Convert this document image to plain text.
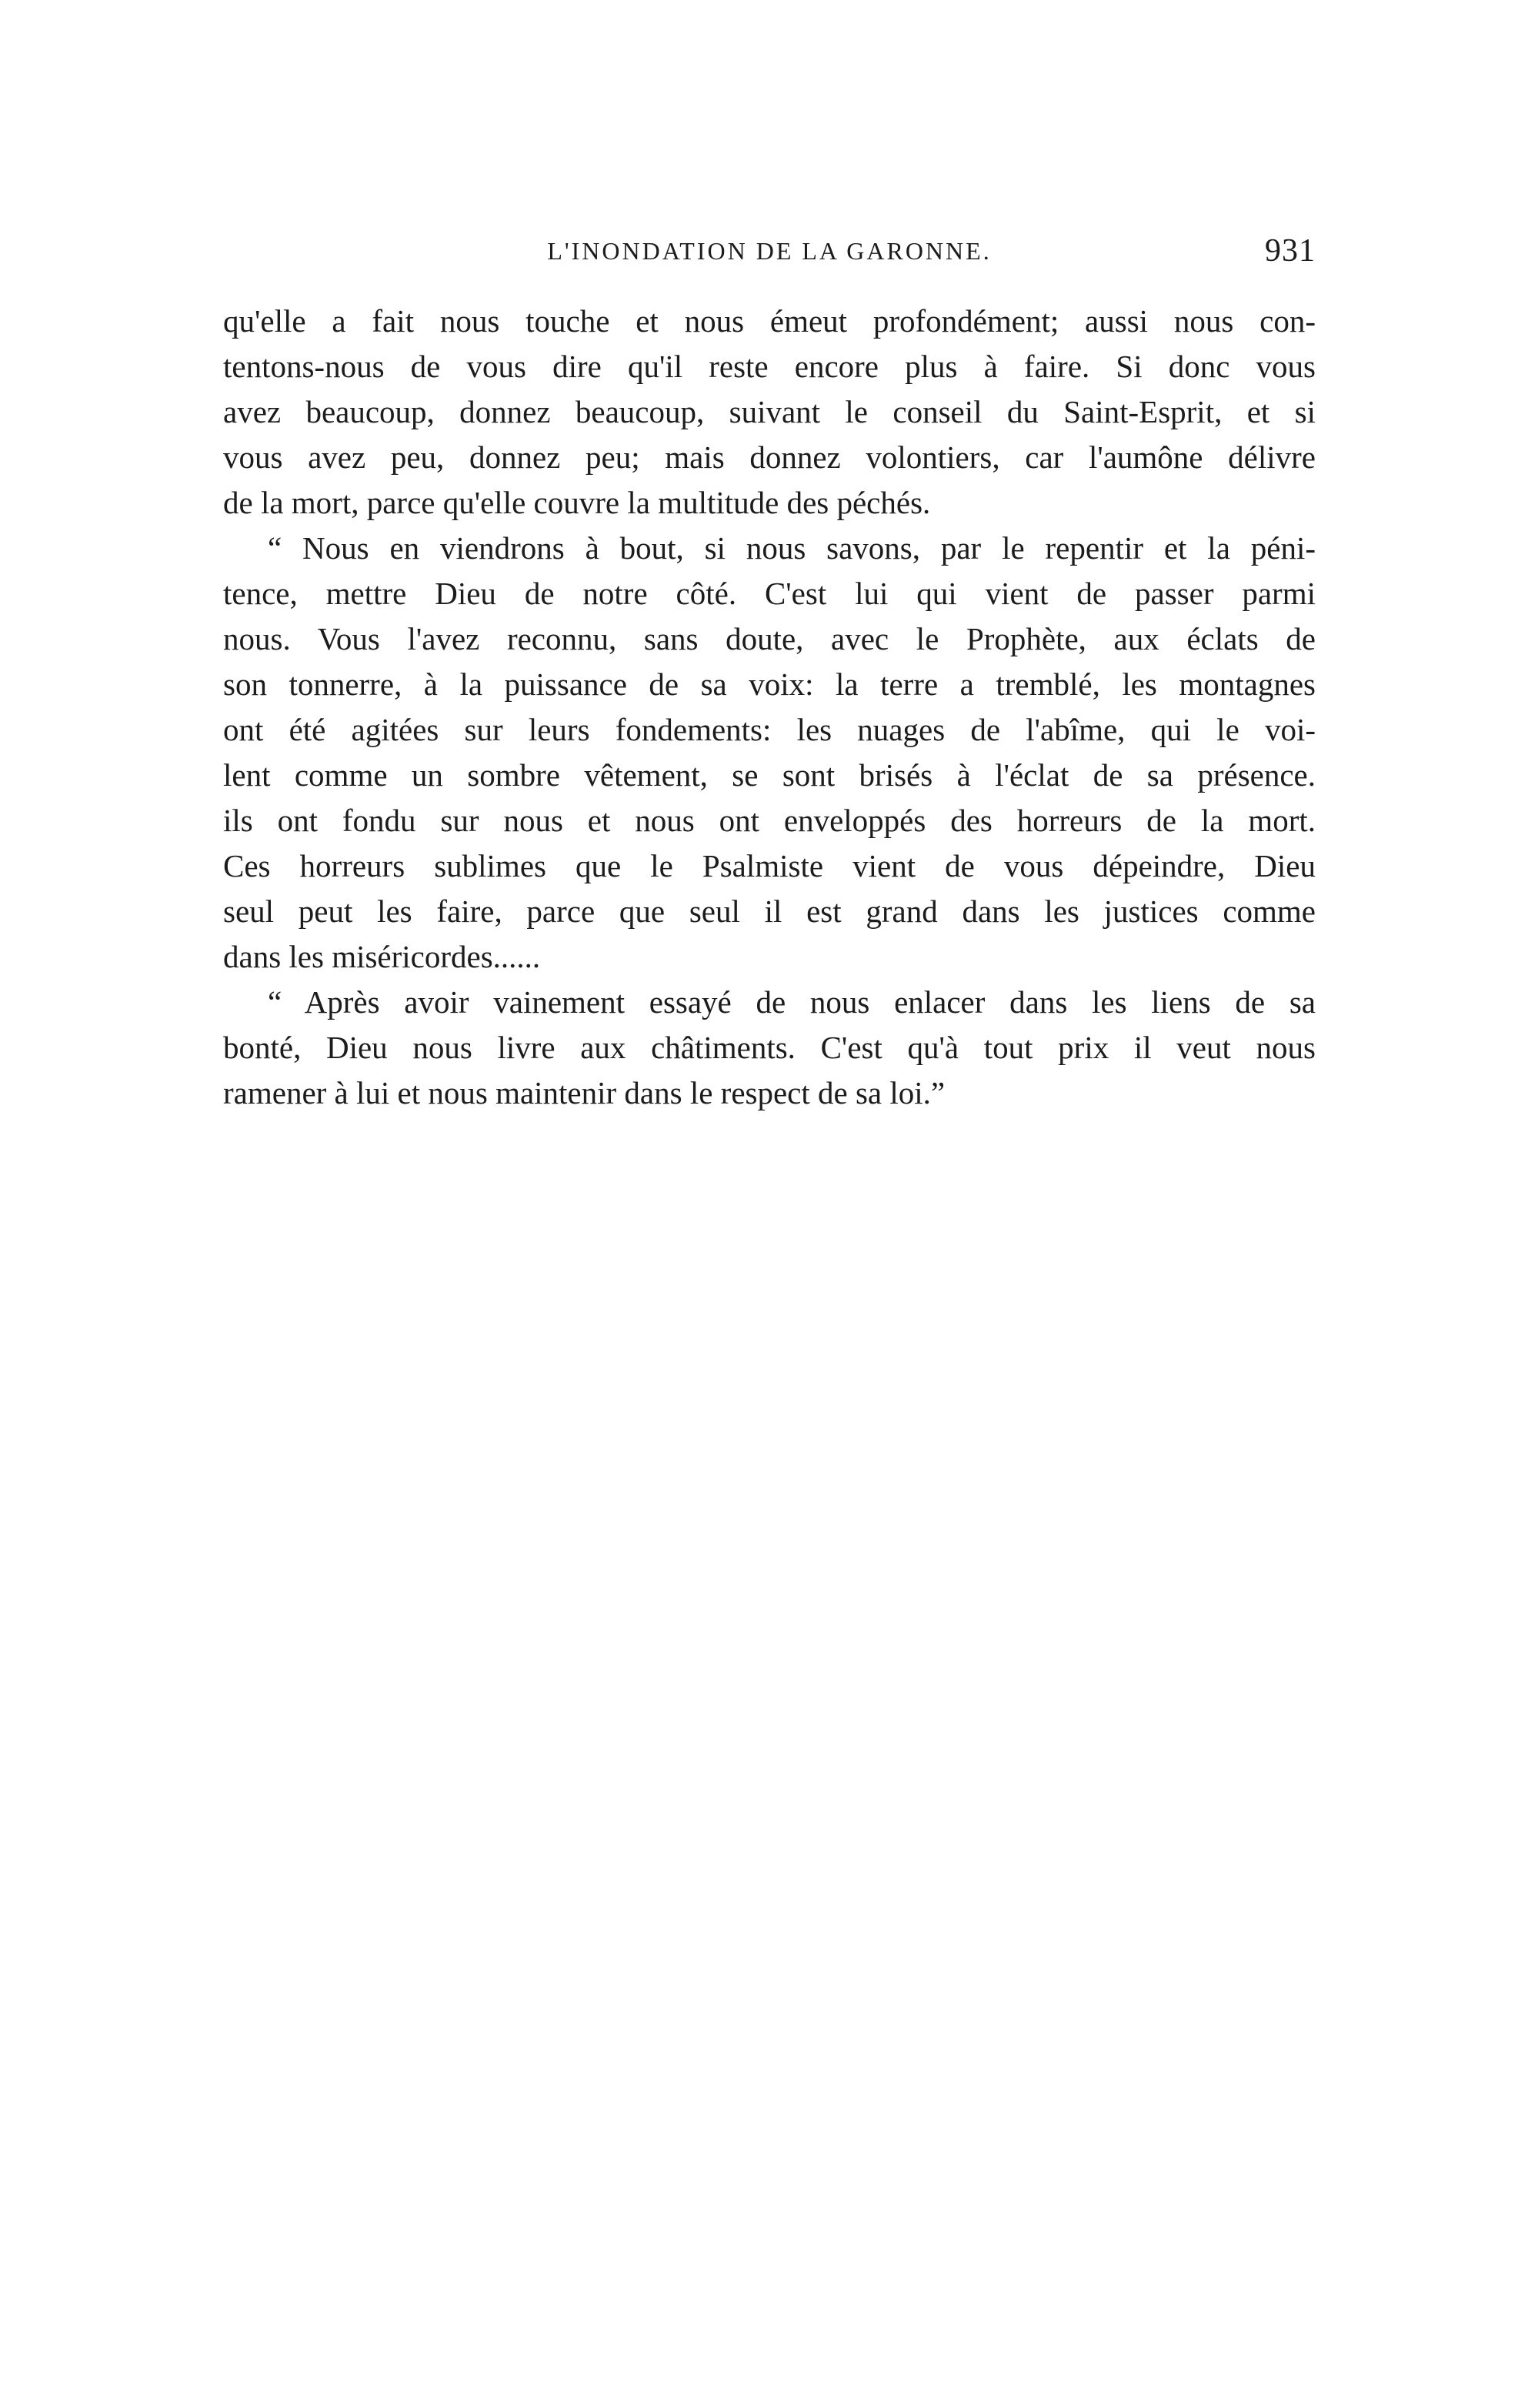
L'INONDATION DE LA GARONNE.	931
qu'elle a fait nous touche et nous émeut profondément; aussi nous con-
tentons-nous de vous dire qu'il reste encore plus à faire. Si donc vous
avez beaucoup, donnez beaucoup, suivant le conseil du Saint-Esprit, et si
vous avez peu, donnez peu; mais donnez volontiers, car l'aumône délivre
de la mort, parce qu'elle couvre la multitude des péchés.
“ Nous en viendrons à bout, si nous savons, par le repentir et la péni-
tence, mettre Dieu de notre côté. C'est lui qui vient de passer parmi
nous. Vous l'avez reconnu, sans doute, avec le Prophète, aux éclats de
son tonnerre, à la puissance de sa voix: la terre a tremblé, les montagnes
ont été agitées sur leurs fondements: les nuages de l'abîme, qui le voi-
lent comme un sombre vêtement, se sont brisés à l'éclat de sa présence.
ils ont fondu sur nous et nous ont enveloppés des horreurs de la mort.
Ces horreurs sublimes que le Psalmiste vient de vous dépeindre, Dieu
seul peut les faire, parce que seul il est grand dans les justices comme
dans les miséricordes......
“ Après avoir vainement essayé de nous enlacer dans les liens de sa
bonté, Dieu nous livre aux châtiments. C'est qu'à tout prix il veut nous
ramener à lui et nous maintenir dans le respect de sa loi.”
